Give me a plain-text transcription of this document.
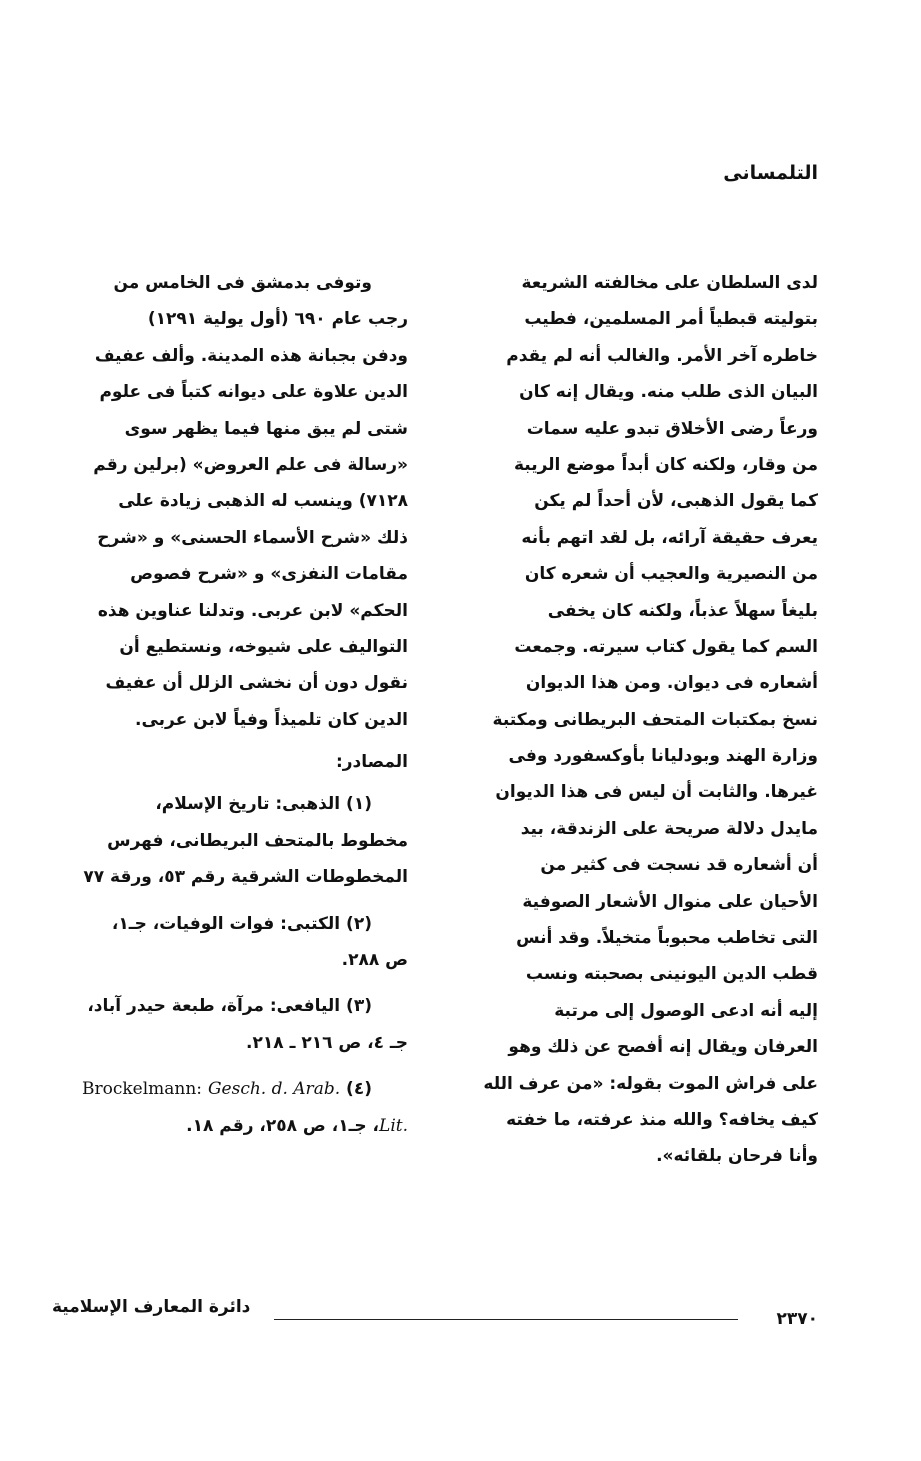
التلمسانى
لدى السلطان على مخالفته الشريعة
بتوليته قبطياً أمر المسلمين، فطيب
خاطره آخر الأمر. والغالب أنه لم يقدم
البيان الذى طلب منه. ويقال إنه كان
ورعاً رضى الأخلاق تبدو عليه سمات
من وقار، ولكنه كان أبداً موضع الريبة
كما يقول الذهبى، لأن أحداً لم يكن
يعرف حقيقة آرائه، بل لقد اتهم بأنه
من النصيرية والعجيب أن شعره كان
بليغاً سهلاً عذباً، ولكنه كان يخفى
السم كما يقول كتاب سيرته. وجمعت
أشعاره فى ديوان. ومن هذا الديوان
نسخ بمكتبات المتحف البريطانى ومكتبة
وزارة الهند وبودليانا بأوكسفورد وفى
غيرها. والثابت أن ليس فى هذا الديوان
مايدل دلالة صريحة على الزندقة، بيد
أن أشعاره قد نسجت فى كثير من
الأحيان على منوال الأشعار الصوفية
التى تخاطب محبوباً متخيلاً. وقد أنس
قطب الدين اليونينى بصحبته ونسب
إليه أنه ادعى الوصول إلى مرتبة
العرفان ويقال إنه أفصح عن ذلك وهو
على فراش الموت بقوله: «من عرف الله
كيف يخافه؟ والله منذ عرفته، ما خفته
وأنا فرحان بلقائه».
وتوفى بدمشق فى الخامس من
رجب عام ٦٩٠ (أول يولية ١٢٩١)
ودفن بجبانة هذه المدينة. وألف عفيف
الدين علاوة على ديوانه كتباً فى علوم
شتى لم يبق منها فيما يظهر سوى
«رسالة فى علم العروض» (برلين رقم
٧١٢٨) وينسب له الذهبى زيادة على
ذلك «شرح الأسماء الحسنى» و «شرح
مقامات النفزى» و «شرح فصوص
الحكم» لابن عربى. وتدلنا عناوين هذه
التواليف على شيوخه، ونستطيع أن
نقول دون أن نخشى الزلل أن عفيف
الدين كان تلميذاً وفياً لابن عربى.
المصادر:
(١) الذهبى: تاريخ الإسلام،
مخطوط بالمتحف البريطانى، فهرس
المخطوطات الشرقية رقم ٥٣، ورقة ٧٧
(٢) الكتبى: فوات الوفيات، جـ١،
ص ٢٨٨.
(٣) اليافعى: مرآة، طبعة حيدر آباد،
جـ ٤، ص ٢١٦ ـ ٢١٨.
(٤) Brockelmann: Gesch. d. Arab.
Lit.، جـ١، ص ٢٥٨، رقم ١٨.
دائرة المعارف الإسلامية
٢٣٧٠
